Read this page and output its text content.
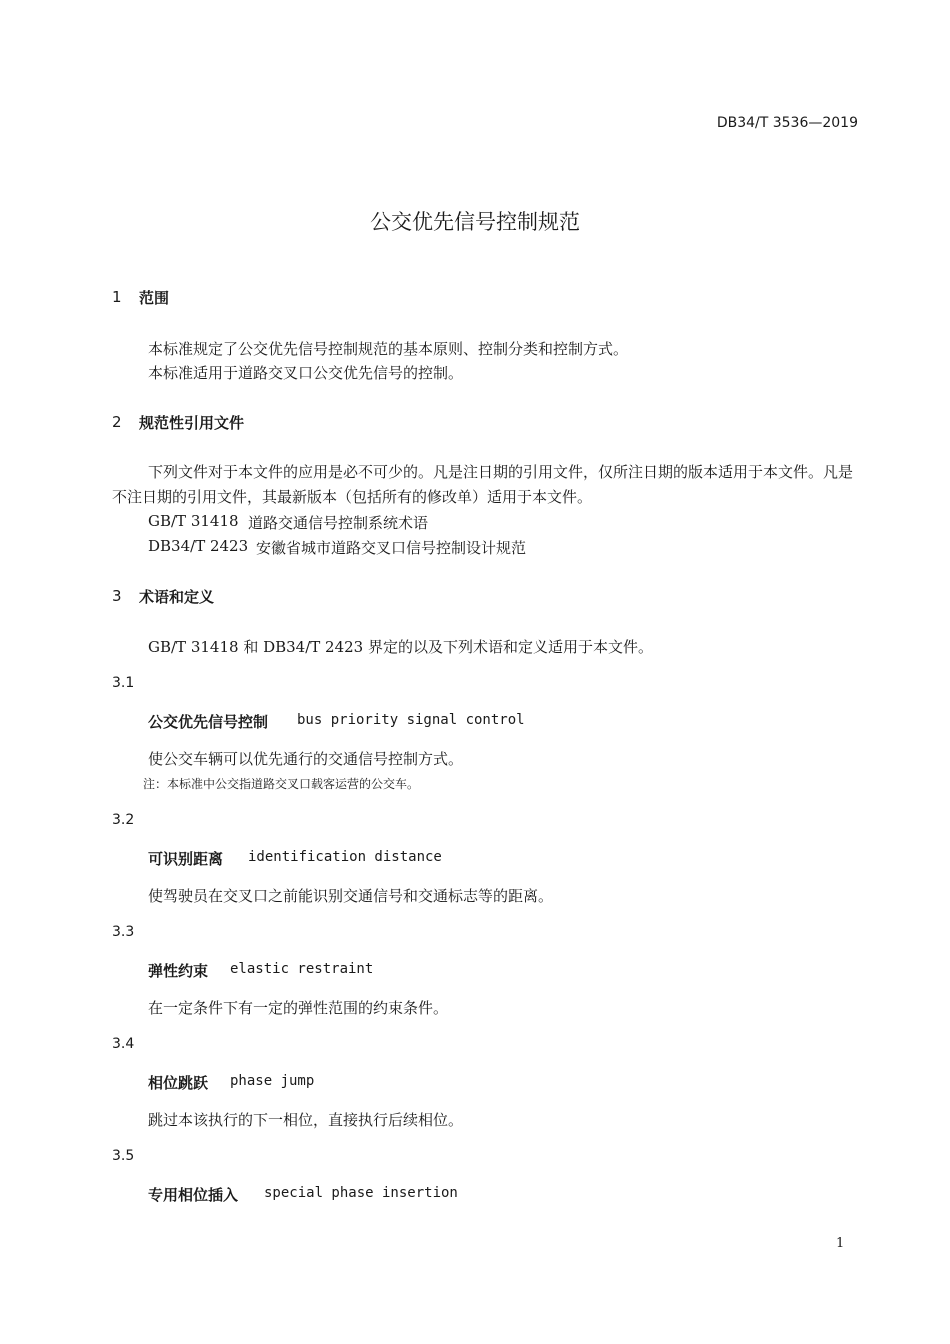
DB34/T 3536—2019
公交优先信号控制规范
1 范围
本标准规定了公交优先信号控制规范的基本原则、控制分类和控制方式。
本标准适用于道路交叉口公交优先信号的控制。
2 规范性引用文件

下列文件对于本文件的应用是必不可少的。凡是注日期的引用文件，仅所注日期的版本适用于本文件。凡是不注日期的引用文件，其最新版本（包括所有的修改单）适用于本文件。

GB/T 31418 道路交通信号控制系统术语
DB34/T 2423 安徽省城市道路交叉口信号控制设计规范
3 术语和定义
GB/T 31418 和 DB34/T 2423 界定的以及下列术语和定义适用于本文件。
3.1
公交优先信号控制 bus priority signal control
使公交车辆可以优先通行的交通信号控制方式。
注：本标准中公交指道路交叉口载客运营的公交车。
3.2
可识别距离 identification distance
使驾驶员在交叉口之前能识别交通信号和交通标志等的距离。
3.3
弹性约束 elastic restraint
在一定条件下有一定的弹性范围的约束条件。
3.4
相位跳跃 phase jump
跳过本该执行的下一相位，直接执行后续相位。
3.5
专用相位插入 special phase insertion
1
